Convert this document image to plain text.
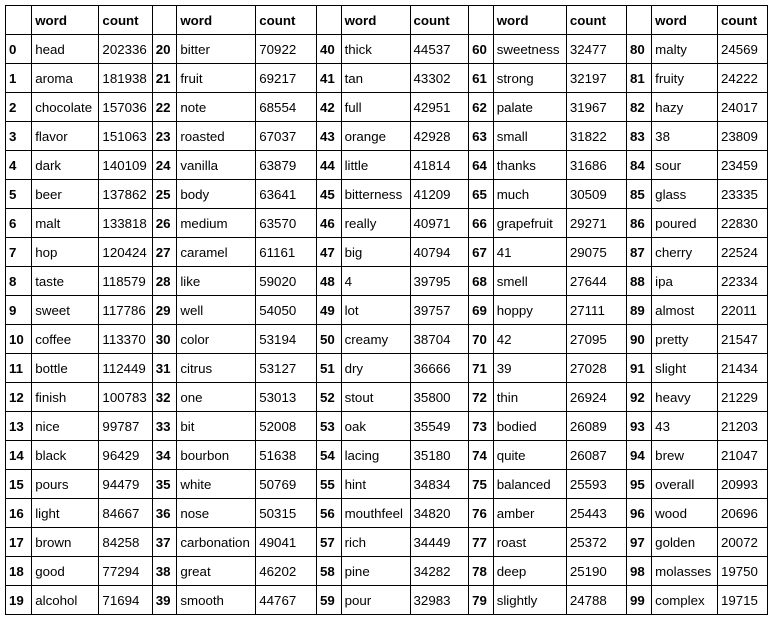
	word	count		word	count		word	count		word	count		word	count
0	head	202336	20	bitter	70922	40	thick	44537	60	sweetness	32477	80	malty	24569
1	aroma	181938	21	fruit	69217	41	tan	43302	61	strong	32197	81	fruity	24222
2	chocolate	157036	22	note	68554	42	full	42951	62	palate	31967	82	hazy	24017
3	flavor	151063	23	roasted	67037	43	orange	42928	63	small	31822	83	38	23809
4	dark	140109	24	vanilla	63879	44	little	41814	64	thanks	31686	84	sour	23459
5	beer	137862	25	body	63641	45	bitterness	41209	65	much	30509	85	glass	23335
6	malt	133818	26	medium	63570	46	really	40971	66	grapefruit	29271	86	poured	22830
7	hop	120424	27	caramel	61161	47	big	40794	67	41	29075	87	cherry	22524
8	taste	118579	28	like	59020	48	4	39795	68	smell	27644	88	ipa	22334
9	sweet	117786	29	well	54050	49	lot	39757	69	hoppy	27111	89	almost	22011
10	coffee	113370	30	color	53194	50	creamy	38704	70	42	27095	90	pretty	21547
11	bottle	112449	31	citrus	53127	51	dry	36666	71	39	27028	91	slight	21434
12	finish	100783	32	one	53013	52	stout	35800	72	thin	26924	92	heavy	21229
13	nice	99787	33	bit	52008	53	oak	35549	73	bodied	26089	93	43	21203
14	black	96429	34	bourbon	51638	54	lacing	35180	74	quite	26087	94	brew	21047
15	pours	94479	35	white	50769	55	hint	34834	75	balanced	25593	95	overall	20993
16	light	84667	36	nose	50315	56	mouthfeel	34820	76	amber	25443	96	wood	20696
17	brown	84258	37	carbonation	49041	57	rich	34449	77	roast	25372	97	golden	20072
18	good	77294	38	great	46202	58	pine	34282	78	deep	25190	98	molasses	19750
19	alcohol	71694	39	smooth	44767	59	pour	32983	79	slightly	24788	99	complex	19715
